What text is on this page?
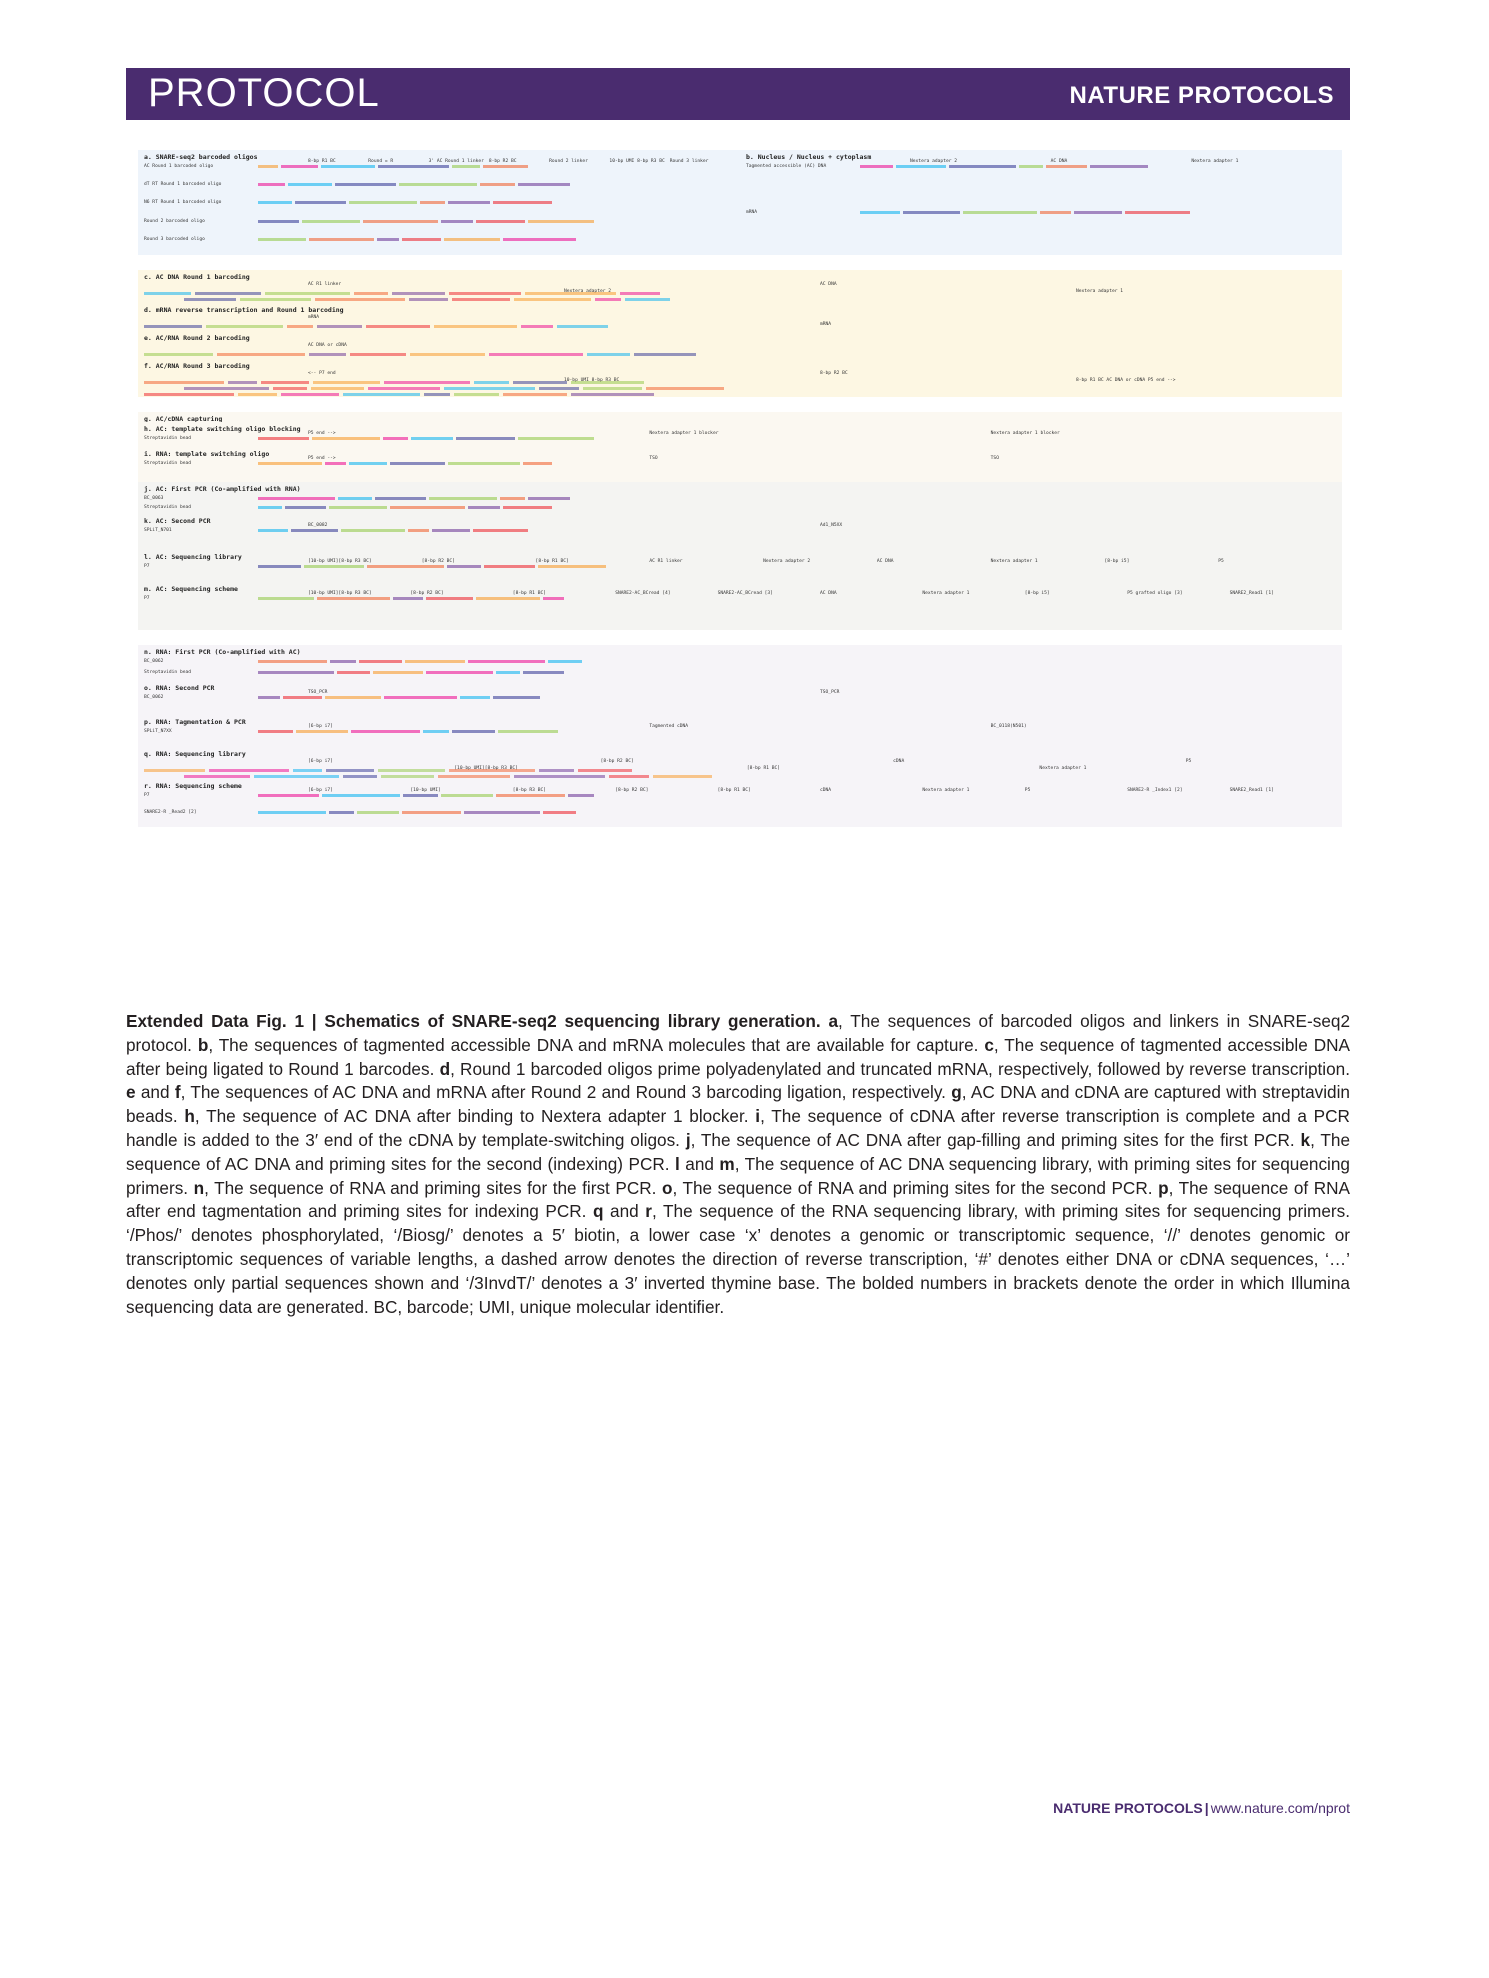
PROTOCOL	NATURE PROTOCOLS
a. SNARE-seq2 barcoded oligos
AC Round 1 barcoded oligo
dT RT Round 1 barcoded oligo
N6 RT Round 1 barcoded oligo
Round 2 barcoded oligo
Round 3 barcoded oligo
8-bp R1 BC	Round = R	3' AC Round 1 linker 8-bp R2 BC	Round 2 linker	10-bp UMI 8-bp R3 BC Round 3 linker
b. Nucleus / Nucleus + cytoplasm
Tagmented accessible (AC) DNA
mRNA
Nextera adapter 2	AC DNA	Nextera adapter 1
c. AC DNA Round 1 barcoding
AC R1 linker	AC DNA
Nextera adapter 1
d. mRNA reverse transcription and Round 1 barcoding
mRNA
mRNA
e. AC/RNA Round 2 barcoding
AC DNA or cDNA
f. AC/RNA Round 3 barcoding
<-- P7 end	8-bp R2 BC
8-bp R1 BC AC DNA or cDNA P5 end -->
g. AC/cDNA capturing
h. AC: template switching oligo blocking
Streptavidin bead
P5 end -->	Nextera adapter 1 blocker	Nextera adapter 1 blocker
i. RNA: template switching oligo
Streptavidin bead
P5 end -->	TSO	TSO
j. AC: First PCR (Co-amplified with RNA)
BC_0063
Streptavidin bead
k. AC: Second PCR
SPLiT_N701
BC_0082	Ad1_N5XX
l. AC: Sequencing library
P7
[10-bp UMI][8-bp R3 BC]	[8-bp R2 BC]	[8-bp R1 BC]	AC R1 linker	Nextera adapter 2	AC DNA	Nextera adapter 1	[8-bp i5]	P5
m. AC: Sequencing scheme
P7
[10-bp UMI][8-bp R3 BC]	[8-bp R2 BC]	[8-bp R1 BC]	SNARE2-AC_BCread [4]	SNARE2-AC_BCread [3]	AC DNA	Nextera adapter 1	[8-bp i5]	P5 grafted oligo [3]	SNARE2_Read1 [1]
n. RNA: First PCR (Co-amplified with AC)
BC_0062
Streptavidin bead
o. RNA: Second PCR
BC_0062
TSO_PCR	TSO_PCR
p. RNA: Tagmentation & PCR
SPLiT_N7XX
[6-bp i7]	Tagmented cDNA	BC_0118(N501)
q. RNA: Sequencing library
[6-bp i7]	[8-bp R2 BC]
[8-bp R1 BC]
cDNA
Nextera adapter 1
P5
r. RNA: Sequencing scheme
P7
SNARE2-R _Read2 [2]
[6-bp i7]	[10-bp UMI]	[8-bp R3 BC]	[8-bp R2 BC]	[8-bp R1 BC]	cDNA	Nextera adapter 1	P5	SNARE2-R _Index1 [2]	SNARE2_Read1 [1]
Extended Data Fig. 1 | Schematics of SNARE-seq2 sequencing library generation. a, The sequences of barcoded oligos and linkers in SNARE-seq2 protocol. b, The sequences of tagmented accessible DNA and mRNA molecules that are available for capture. c, The sequence of tagmented accessible DNA after being ligated to Round 1 barcodes. d, Round 1 barcoded oligos prime polyadenylated and truncated mRNA, respectively, followed by reverse transcription. e and f, The sequences of AC DNA and mRNA after Round 2 and Round 3 barcoding ligation, respectively. g, AC DNA and cDNA are captured with streptavidin beads. h, The sequence of AC DNA after binding to Nextera adapter 1 blocker. i, The sequence of cDNA after reverse transcription is complete and a PCR handle is added to the 3′ end of the cDNA by template-switching oligos. j, The sequence of AC DNA after gap-filling and priming sites for the first PCR. k, The sequence of AC DNA and priming sites for the second (indexing) PCR. l and m, The sequence of AC DNA sequencing library, with priming sites for sequencing primers. n, The sequence of RNA and priming sites for the first PCR. o, The sequence of RNA and priming sites for the second PCR. p, The sequence of RNA after end tagmentation and priming sites for indexing PCR. q and r, The sequence of the RNA sequencing library, with priming sites for sequencing primers. ‘/Phos/’ denotes phosphorylated, ‘/Biosg/’ denotes a 5′ biotin, a lower case ‘x’ denotes a genomic or transcriptomic sequence, ‘//’ denotes genomic or transcriptomic sequences of variable lengths, a dashed arrow denotes the direction of reverse transcription, ‘#’ denotes either DNA or cDNA sequences, ‘…’ denotes only partial sequences shown and ‘/3InvdT/’ denotes a 3′ inverted thymine base. The bolded numbers in brackets denote the order in which Illumina sequencing data are generated. BC, barcode; UMI, unique molecular identifier.
NATURE PROTOCOLS | www.nature.com/nprot
